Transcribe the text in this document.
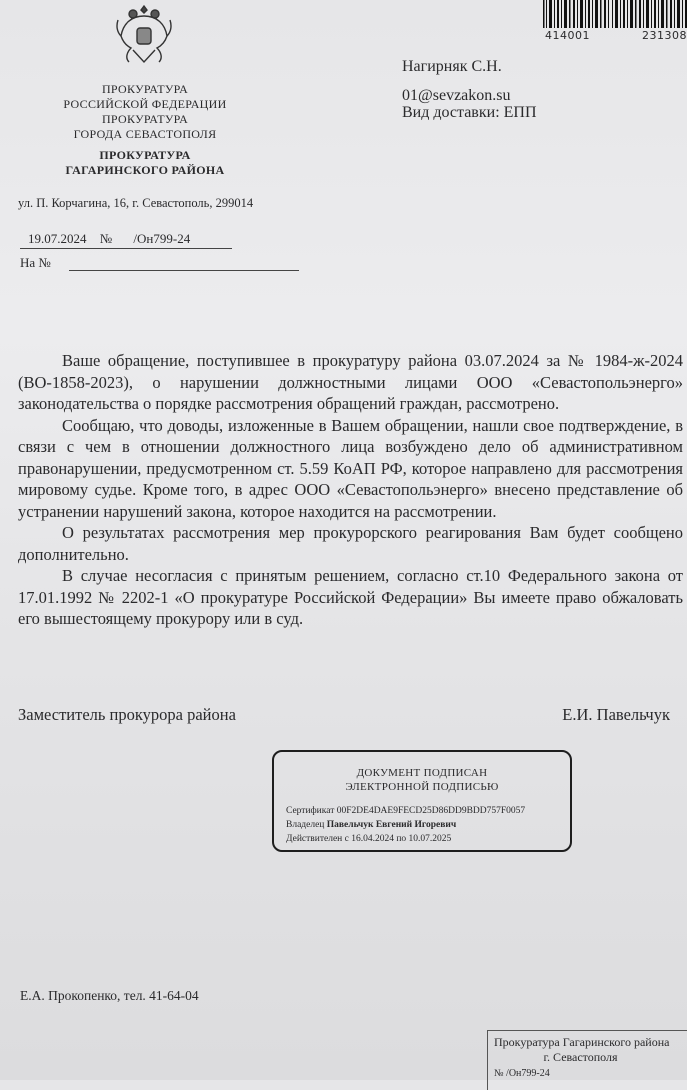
ПРОКУРАТУРА
РОССИЙСКОЙ ФЕДЕРАЦИИ
ПРОКУРАТУРА
ГОРОДА СЕВАСТОПОЛЯ
ПРОКУРАТУРА
ГАГАРИНСКОГО РАЙОНА
ул. П. Корчагина, 16, г. Севастополь, 299014
19.07.2024 № /Он799-24
На №
414001	231308
Нагирняк С.Н.
01@sevzakon.su
Вид доставки: ЕПП

Ваше обращение, поступившее в прокуратуру района 03.07.2024 за № 1984-ж-2024 (ВО-1858-2023), о нарушении должностными лицами ООО «Севастопольэнерго» законодательства о порядке рассмотрения обращений граждан, рассмотрено.

Сообщаю, что доводы, изложенные в Вашем обращении, нашли свое подтверждение, в связи с чем в отношении должностного лица возбуждено дело об административном правонарушении, предусмотренном ст. 5.59 КоАП РФ, которое направлено для рассмотрения мировому судье. Кроме того, в адрес ООО «Севастопольэнерго» внесено представление об устранении нарушений закона, которое находится на рассмотрении.

О результатах рассмотрения мер прокурорского реагирования Вам будет сообщено дополнительно.

В случае несогласия с принятым решением, согласно ст.10 Федерального закона от 17.01.1992 № 2202-1 «О прокуратуре Российской Федерации» Вы имеете право обжаловать его вышестоящему прокурору или в суд.

Заместитель прокурора района	Е.И. Павельчук
ДОКУМЕНТ ПОДПИСАН
ЭЛЕКТРОННОЙ ПОДПИСЬЮ
Сертификат 00F2DE4DAE9FECD25D86DD9BDD757F0057
Владелец Павельчук Евгений Игоревич
Действителен с 16.04.2024 по 10.07.2025
Е.А. Прокопенко, тел. 41-64-04
Прокуратура Гагаринского района
г. Севастополя
№ /Он799-24
